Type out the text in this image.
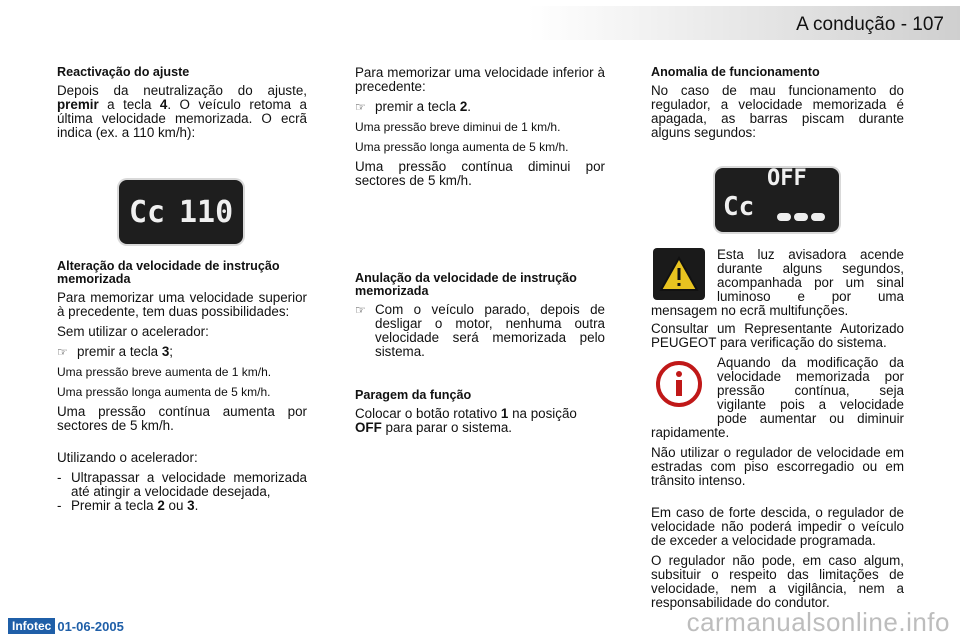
A condução - 107
Reactivação do ajuste

Depois da neutralização do ajuste, premir a tecla 4. O veículo retoma a última velocidade memorizada. O ecrã indica (ex. a 110 km/h):

Cc 110
Alteração da velocidade de instrução memorizada

Para memorizar uma velocidade superior à precedente, tem duas possibilidades:

Sem utilizar o acelerador:

☞ premir a tecla 3;

Uma pressão breve aumenta de 1 km/h.

Uma pressão longa aumenta de 5 km/h.

Uma pressão contínua aumenta por sectores de 5 km/h.

Utilizando o acelerador:

- Ultrapassar a velocidade memorizada até atingir a velocidade desejada,
- Premir a tecla 2 ou 3.

Para memorizar uma velocidade inferior à precedente:

☞ premir a tecla 2.

Uma pressão breve diminui de 1 km/h.

Uma pressão longa aumenta de 5 km/h.

Uma pressão contínua diminui por sectores de 5 km/h.

Anulação da velocidade de instrução memorizada
☞ Com o veículo parado, depois de desligar o motor, nenhuma outra velocidade será memorizada pelo sistema.
Paragem da função

Colocar o botão rotativo 1 na posição OFF para parar o sistema.

Anomalia de funcionamento

No caso de mau funcionamento do regulador, a velocidade memorizada é apagada, as barras piscam durante alguns segundos:

OFF
Cc

Esta luz avisadora acende durante alguns segundos, acompanhada por um sinal luminoso e por uma mensagem no ecrã multifunções.

Consultar um Representante Autorizado PEUGEOT para verificação do sistema.

Aquando da modificação da velocidade memorizada por pressão contínua, seja vigilante pois a velocidade pode aumentar ou diminuir rapidamente.

Não utilizar o regulador de velocidade em estradas com piso escorregadio ou em trânsito intenso.

Em caso de forte descida, o regulador de velocidade não poderá impedir o veículo de exceder a velocidade programada.

O regulador não pode, em caso algum, subsituir o respeito das limitações de velocidade, nem a vigilância, nem a responsabilidade do condutor.

Infotec 01-06-2005	carmanualsonline.info
